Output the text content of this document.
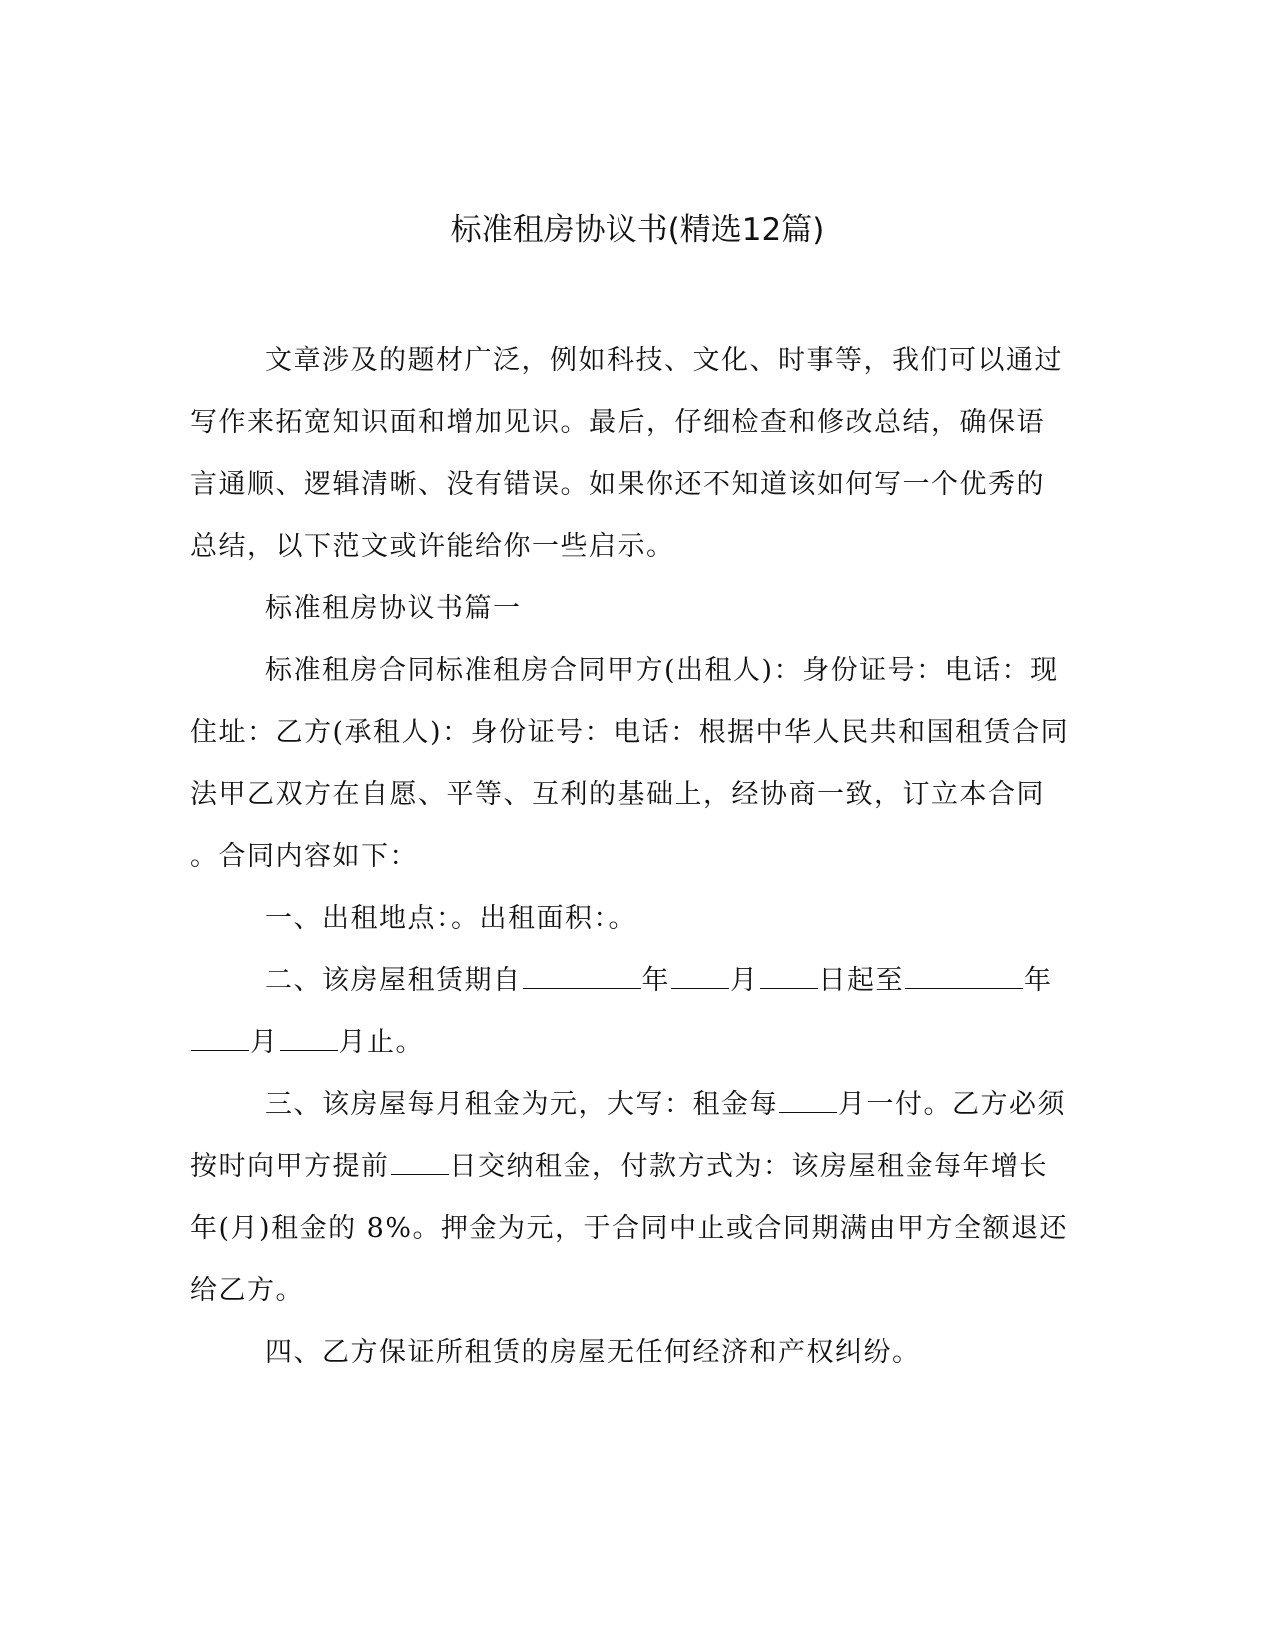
标准租房协议书(精选12篇)

文章涉及的题材广泛，例如科技、文化、时事等，我们可以通过
写作来拓宽知识面和增加见识。最后，仔细检查和修改总结，确保语
言通顺、逻辑清晰、没有错误。如果你还不知道该如何写一个优秀的
总结，以下范文或许能给你一些启示。

标准租房协议书篇一

标准租房合同标准租房合同甲方(出租人)：身份证号：电话：现
住址：乙方(承租人)：身份证号：电话：根据中华人民共和国租赁合同
法甲乙双方在自愿、平等、互利的基础上，经协商一致，订立本合同
。合同内容如下：

一、出租地点：。出租面积：。

二、该房屋租赁期自	年 月 日起至	年
月 月止。

三、该房屋每月租金为元，大写：租金每 月一付。乙方必须
按时向甲方提前 日交纳租金，付款方式为：该房屋租金每年增长
年(月)租金的 8%。押金为元，于合同中止或合同期满由甲方全额退还
给乙方。

四、乙方保证所租赁的房屋无任何经济和产权纠纷。
